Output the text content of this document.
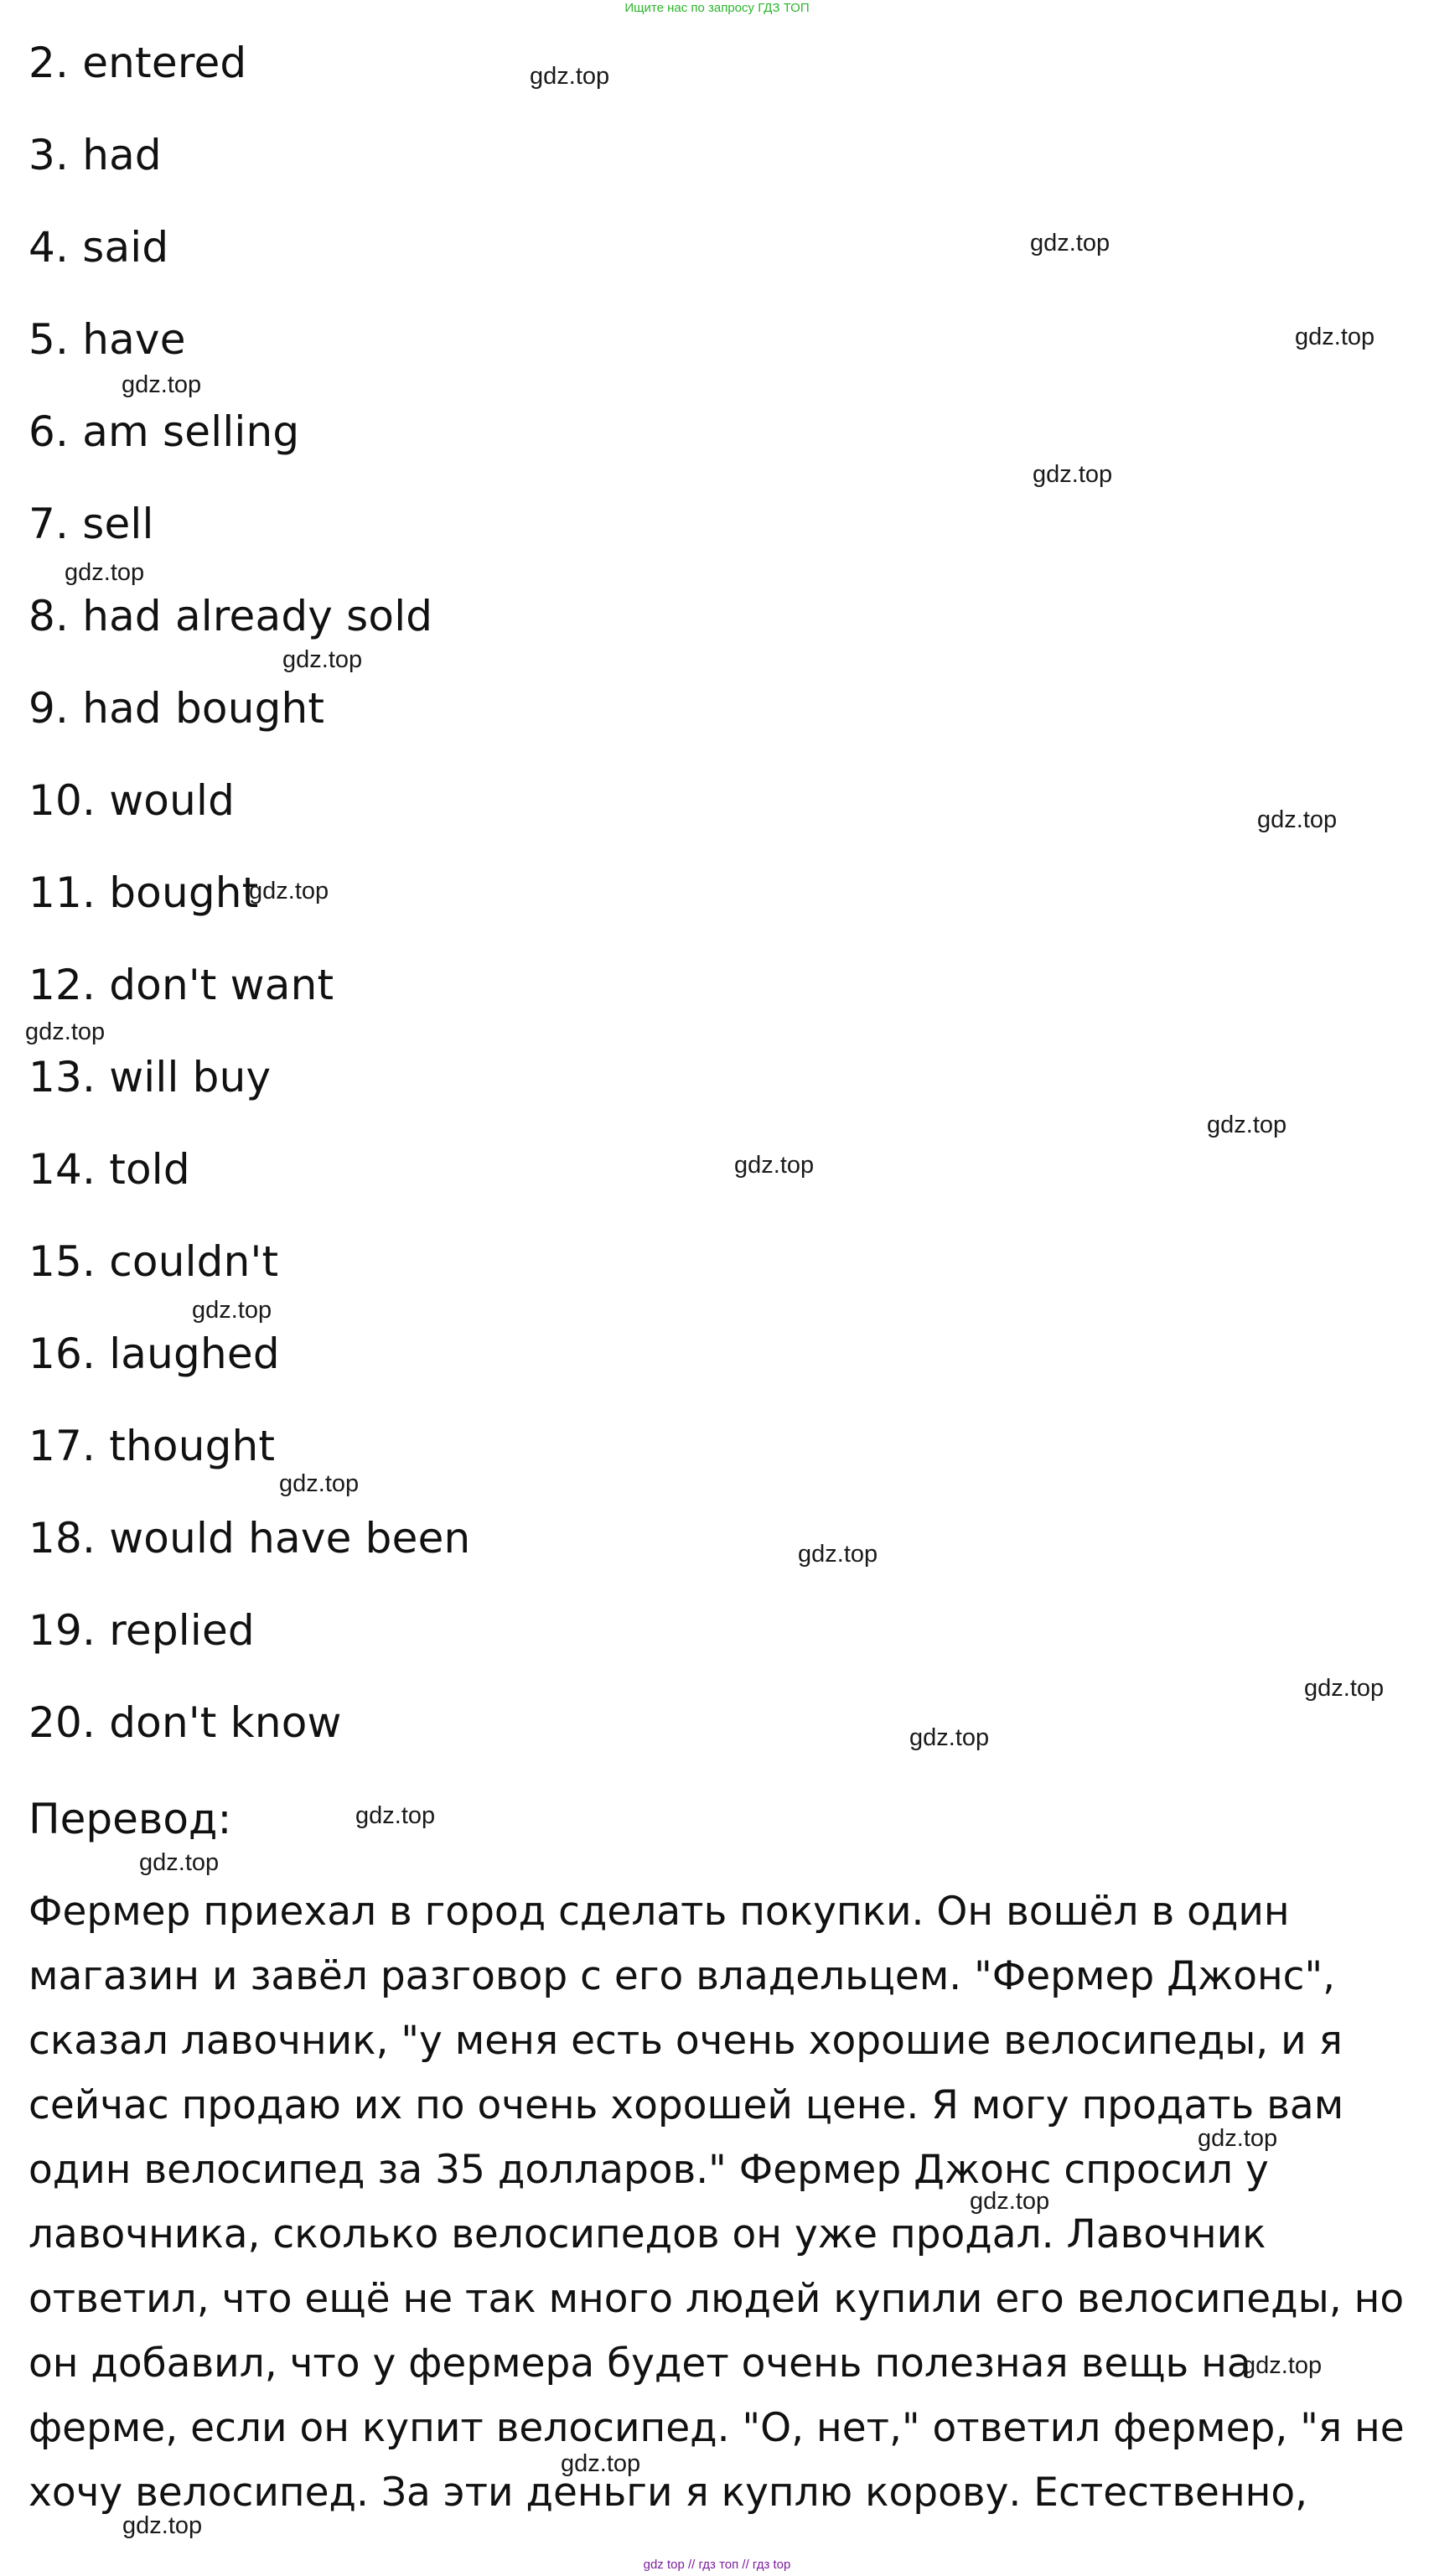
Ищите нас по запросу ГДЗ ТОП
2. entered
3. had
4. said
5. have
6. am selling
7. sell
8. had already sold
9. had bought
10. would
11. bought
12. don't want
13. will buy
14. told
15. couldn't
16. laughed
17. thought
18. would have been
19. replied
20. don't know
Перевод:

Фермер приехал в город сделать покупки. Он вошёл в один
магазин и завёл разговор с его владельцем. "Фермер Джонс",
сказал лавочник, "у меня есть очень хорошие велосипеды, и я
сейчас продаю их по очень хорошей цене. Я могу продать вам
один велосипед за 35 долларов." Фермер Джонс спросил у
лавочника, сколько велосипедов он уже продал. Лавочник
ответил, что ещё не так много людей купили его велосипеды, но
он добавил, что у фермера будет очень полезная вещь на
ферме, если он купит велосипед. "О, нет," ответил фермер, "я не
хочу велосипед. За эти деньги я куплю корову. Естественно,

gdz.top
gdz.top
gdz.top
gdz.top
gdz.top
gdz.top
gdz.top
gdz.top
gdz.top
gdz.top
gdz.top
gdz.top
gdz.top
gdz.top
gdz.top
gdz.top
gdz.top
gdz.top
gdz.top
gdz.top
gdz.top
gdz.top
gdz.top
gdz.top
gdz top // гдз топ // гдз top
